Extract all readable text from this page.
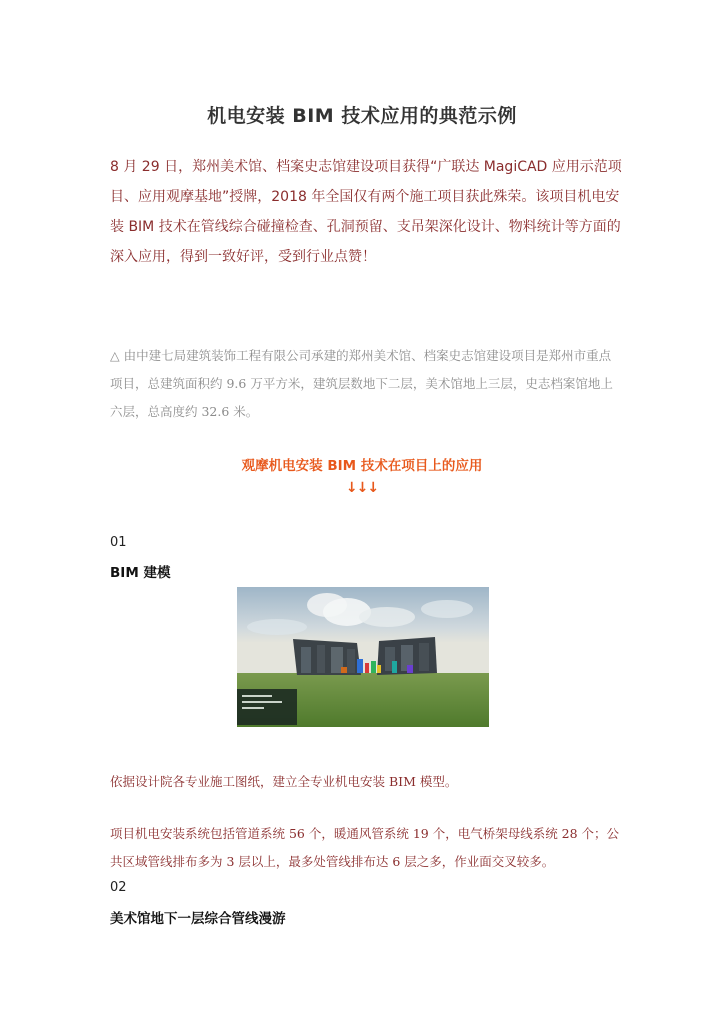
机电安装 BIM 技术应用的典范示例
8 月 29 日，郑州美术馆、档案史志馆建设项目获得“广联达 MagiCAD 应用示范项目、应用观摩基地”授牌，2018 年全国仅有两个施工项目获此殊荣。该项目机电安装 BIM 技术在管线综合碰撞检查、孔洞预留、支吊架深化设计、物料统计等方面的深入应用，得到一致好评，受到行业点赞！
△ 由中建七局建筑装饰工程有限公司承建的郑州美术馆、档案史志馆建设项目是郑州市重点项目，总建筑面积约 9.6 万平方米，建筑层数地下二层，美术馆地上三层，史志档案馆地上六层，总高度约 32.6 米。
观摩机电安装 BIM 技术在项目上的应用
↓↓↓
01
BIM 建模
依据设计院各专业施工图纸，建立全专业机电安装 BIM 模型。
项目机电安装系统包括管道系统 56 个，暖通风管系统 19 个，电气桥架母线系统 28 个；公共区域管线排布多为 3 层以上，最多处管线排布达 6 层之多，作业面交叉较多。
02
美术馆地下一层综合管线漫游
